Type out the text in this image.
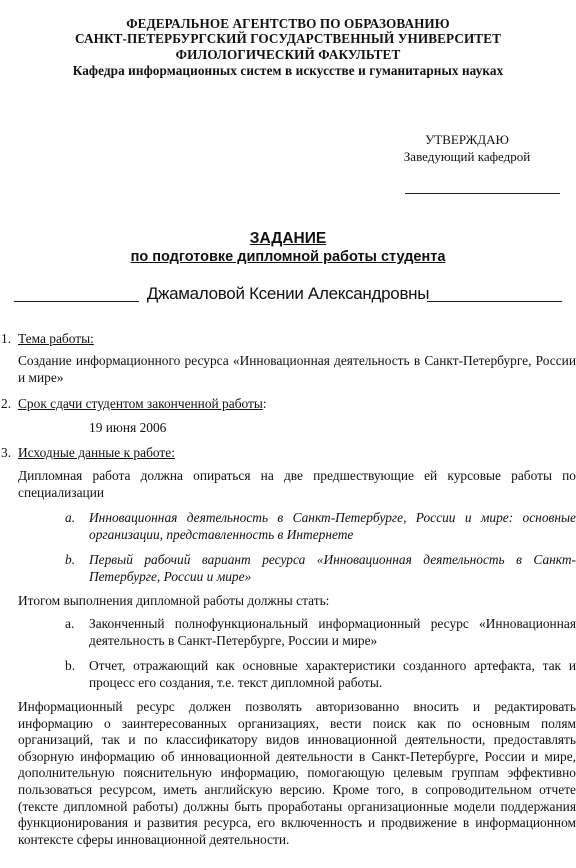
ФЕДЕРАЛЬНОЕ АГЕНТСТВО ПО ОБРАЗОВАНИЮ
САНКТ-ПЕТЕРБУРГСКИЙ ГОСУДАРСТВЕННЫЙ УНИВЕРСИТЕТ
ФИЛОЛОГИЧЕСКИЙ ФАКУЛЬТЕТ
Кафедра информационных систем в искусстве и гуманитарных науках
УТВЕРЖДАЮ
Заведующий кафедрой
ЗАДАНИЕ
по подготовке дипломной работы студента
Джамаловой Ксении Александровны
1. Тема работы:
Создание информационного ресурса «Инновационная деятельность в Санкт-Петербурге, России и мире»
2. Срок сдачи студентом законченной работы:
19 июня 2006
3. Исходные данные к работе:
Дипломная работа должна опираться на две предшествующие ей курсовые работы по специализации
a. Инновационная деятельность в Санкт-Петербурге, России и мире: основные организации, представленность в Интернете
b. Первый рабочий вариант ресурса «Инновационная деятельность в Санкт-Петербурге, России и мире»
Итогом выполнения дипломной работы должны стать:
a. Законченный полнофункциональный информационный ресурс «Инновационная деятельность в Санкт-Петербурге, России и мире»
b. Отчет, отражающий как основные характеристики созданного артефакта, так и процесс его создания, т.е. текст дипломной работы.
Информационный ресурс должен позволять авторизованно вносить и редактировать информацию о заинтересованных организациях, вести поиск как по основным полям организаций, так и по классификатору видов инновационной деятельности, предоставлять обзорную информацию об инновационной деятельности в Санкт-Петербурге, России и мире, дополнительную пояснительную информацию, помогающую целевым группам эффективно пользоваться ресурсом, иметь английскую версию. Кроме того, в сопроводительном отчете (тексте дипломной работы) должны быть проработаны организационные модели поддержания функционирования и развития ресурса, его включенность и продвижение в информационном контексте сферы инновационной деятельности.
